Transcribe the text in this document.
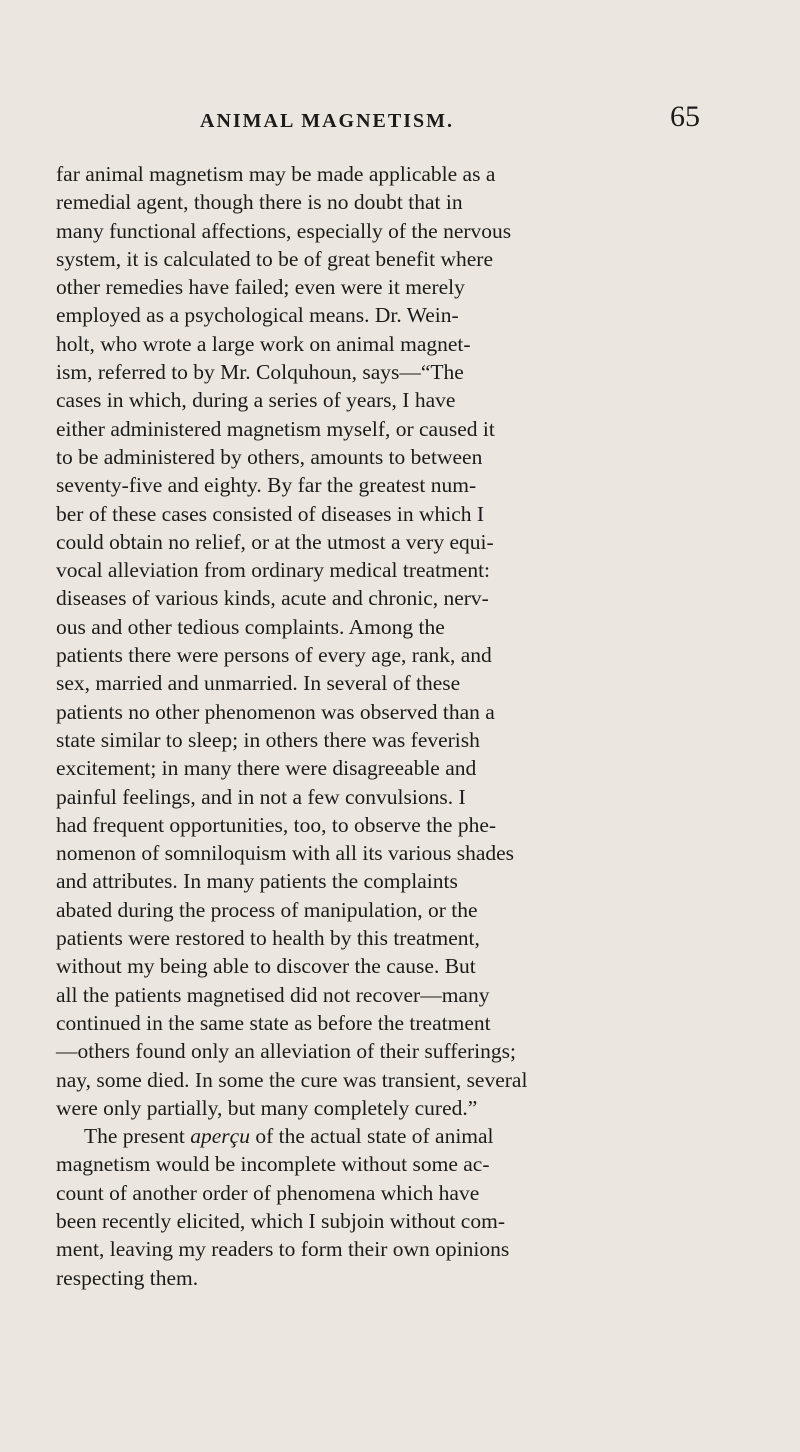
ANIMAL MAGNETISM.	65
far animal magnetism may be made applicable as a
remedial agent, though there is no doubt that in
many functional affections, especially of the nervous
system, it is calculated to be of great benefit where
other remedies have failed; even were it merely
employed as a psychological means. Dr. Wein-
holt, who wrote a large work on animal magnet-
ism, referred to by Mr. Colquhoun, says—“The
cases in which, during a series of years, I have
either administered magnetism myself, or caused it
to be administered by others, amounts to between
seventy-five and eighty. By far the greatest num-
ber of these cases consisted of diseases in which I
could obtain no relief, or at the utmost a very equi-
vocal alleviation from ordinary medical treatment:
diseases of various kinds, acute and chronic, nerv-
ous and other tedious complaints. Among the
patients there were persons of every age, rank, and
sex, married and unmarried. In several of these
patients no other phenomenon was observed than a
state similar to sleep; in others there was feverish
excitement; in many there were disagreeable and
painful feelings, and in not a few convulsions. I
had frequent opportunities, too, to observe the phe-
nomenon of somniloquism with all its various shades
and attributes. In many patients the complaints
abated during the process of manipulation, or the
patients were restored to health by this treatment,
without my being able to discover the cause. But
all the patients magnetised did not recover—many
continued in the same state as before the treatment
—others found only an alleviation of their sufferings;
nay, some died. In some the cure was transient, several
were only partially, but many completely cured.”
The present aperçu of the actual state of animal
magnetism would be incomplete without some ac-
count of another order of phenomena which have
been recently elicited, which I subjoin without com-
ment, leaving my readers to form their own opinions
respecting them.
